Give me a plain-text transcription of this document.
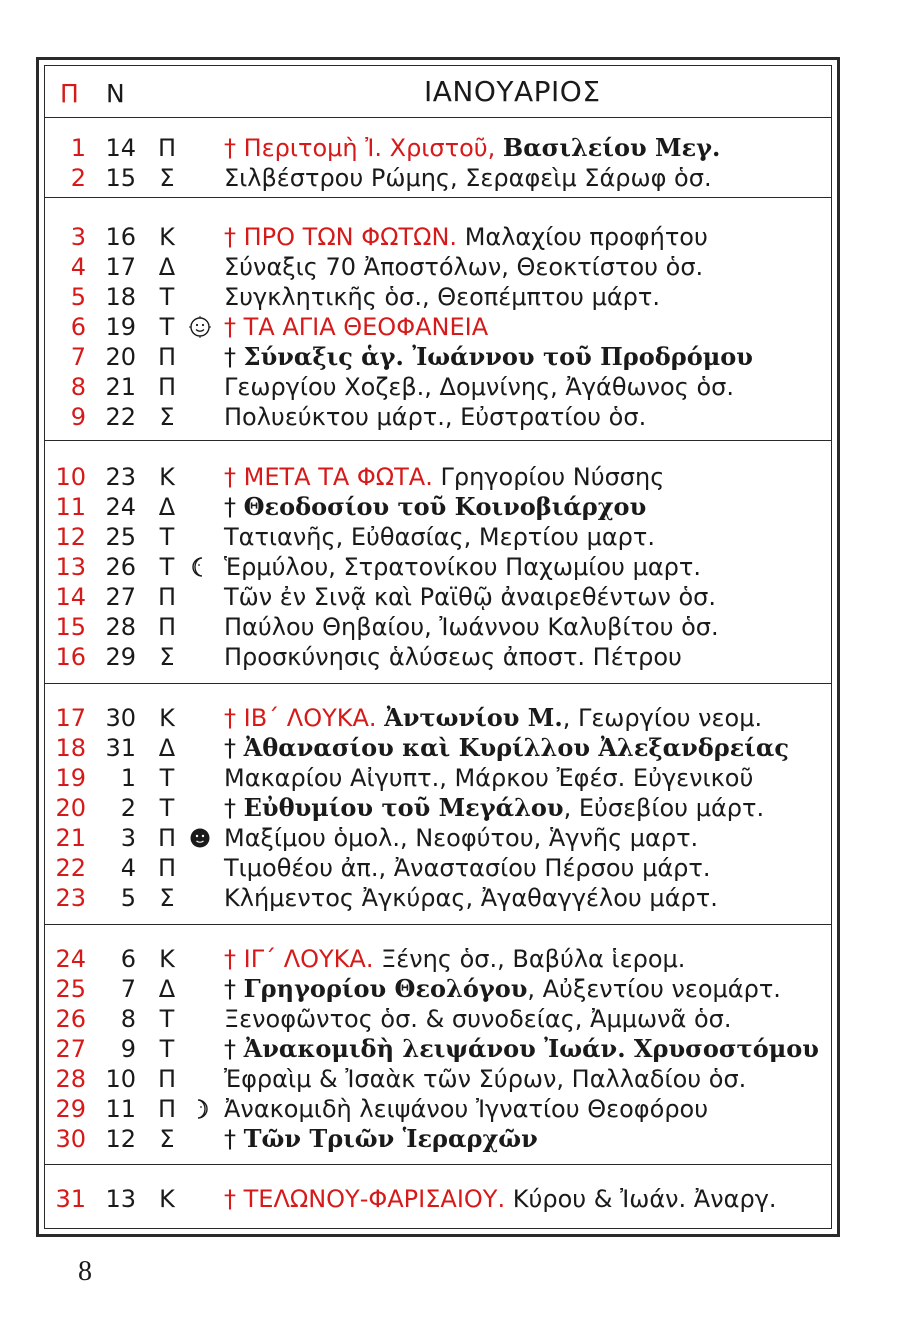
Π Ν	ΙΑΝΟΥΑΡΙΟΣ
1 14 Π † Περιτομὴ Ἰ. Χριστοῦ, Βασιλείου Μεγ.
2 15 Σ Σιλβέστρου Ρώμης, Σεραφεὶμ Σάρωφ ὁσ.
3 16 Κ † ΠΡΟ ΤΩΝ ΦΩΤΩΝ. Μαλαχίου προφήτου
4 17 Δ Σύναξις 70 Ἀποστόλων, Θεοκτίστου ὁσ.
5 18 Τ Συγκλητικῆς ὁσ., Θεοπέμπτου μάρτ.
6 19 Τ † ΤΑ ΑΓΙΑ ΘΕΟΦΑΝΕΙΑ
7 20 Π † Σύναξις ἁγ. Ἰωάννου τοῦ Προδρόμου
8 21 Π Γεωργίου Χοζεβ., Δομνίνης, Ἀγάθωνος ὁσ.
9 22 Σ Πολυεύκτου μάρτ., Εὐστρατίου ὁσ.
10 23 Κ † ΜΕΤΑ ΤΑ ΦΩΤΑ. Γρηγορίου Νύσσης
11 24 Δ † Θεοδοσίου τοῦ Κοινοβιάρχου
12 25 Τ Τατιανῆς, Εὐθασίας, Μερτίου μαρτ.
13 26 Τ Ἑρμύλου, Στρατονίκου Παχωμίου μαρτ.
14 27 Π Τῶν ἐν Σινᾷ καὶ Ραϊθῷ ἀναιρεθέντων ὁσ.
15 28 Π Παύλου Θηβαίου, Ἰωάννου Καλυβίτου ὁσ.
16 29 Σ Προσκύνησις ἁλύσεως ἀποστ. Πέτρου
17 30 Κ † ΙΒ΄ ΛΟΥΚΑ. Ἀντωνίου Μ., Γεωργίου νεομ.
18 31 Δ † Ἀθανασίου καὶ Κυρίλλου Ἀλεξανδρείας
19	1 Τ Μακαρίου Αἰγυπτ., Μάρκου Ἐφέσ. Εὐγενικοῦ
20	2 Τ † Εὐθυμίου τοῦ Μεγάλου, Εὐσεβίου μάρτ.
21	3 Π Μαξίμου ὁμολ., Νεοφύτου, Ἁγνῆς μαρτ.
22	4 Π Τιμοθέου ἀπ., Ἀναστασίου Πέρσου μάρτ.
23	5 Σ Κλήμεντος Ἀγκύρας, Ἀγαθαγγέλου μάρτ.
24	6 Κ † ΙΓ΄ ΛΟΥΚΑ. Ξένης ὁσ., Βαβύλα ἱερομ.
25	7 Δ † Γρηγορίου Θεολόγου, Αὐξεντίου νεομάρτ.
26	8 Τ Ξενοφῶντος ὁσ. & συνοδείας, Ἀμμωνᾶ ὁσ.
27	9 Τ † Ἀνακομιδὴ λειψάνου Ἰωάν. Χρυσοστόμου
28 10 Π Ἐφραὶμ & Ἰσαὰκ τῶν Σύρων, Παλλαδίου ὁσ.
29 11 Π Ἀνακομιδὴ λειψάνου Ἰγνατίου Θεοφόρου
30 12 Σ † Τῶν Τριῶν Ἱεραρχῶν
31 13 Κ † ΤΕΛΩΝΟΥ-ΦΑΡΙΣΑΙΟΥ. Κύρου & Ἰωάν. Ἀναργ.
8
